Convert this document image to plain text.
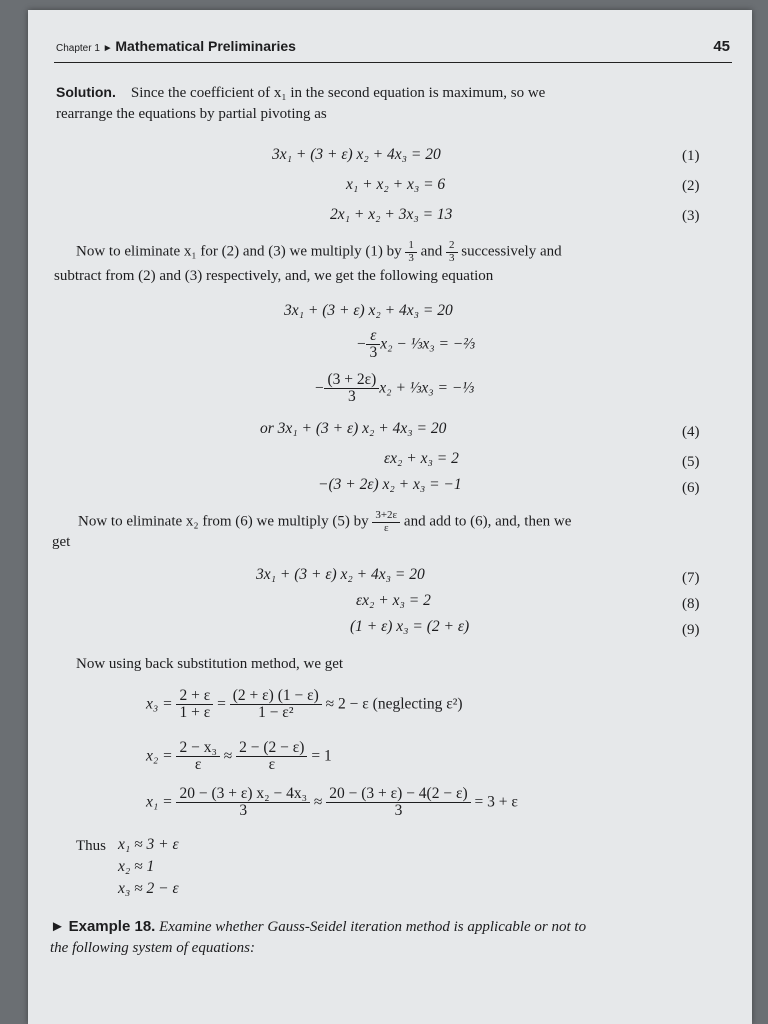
Chapter 1 ► Mathematical Preliminaries	45
Solution. Since the coefficient of x₁ in the second equation is maximum, so we
rearrange the equations by partial pivoting as
3x₁ + (3 + ε) x₂ + 4x₃ = 20	(1)
x₁ + x₂ + x₃ = 6	(2)
2x₁ + x₂ + 3x₃ = 13	(3)
Now to eliminate x₁ for (2) and (3) we multiply (1) by $\frac{1}{3}$ and $\frac{2}{3}$ successively and
subtract from (2) and (3) respectively, and, we get the following equation
3x₁ + (3 + ε) x₂ + 4x₃ = 20
− $\frac{\varepsilon}{3} x_2$ − ⅓x₃ = −⅔
− $\frac{(3 + 2\varepsilon)}{3} x_2$ + ⅓x₃ = −⅓
or 3x₁ + (3 + ε) x₂ + 4x₃ = 20	(4)
εx₂ + x₃ = 2	(5)
−(3 + 2ε) x₂ + x₃ = −1	(6)
Now to eliminate x₂ from (6) we multiply (5) by $\frac{3+2\varepsilon}{\varepsilon}$ and add to (6), and, then we
get
3x₁ + (3 + ε) x₂ + 4x₃ = 20	(7)
εx₂ + x₃ = 2	(8)
(1 + ε) x₃ = (2 + ε)	(9)
Now using back substitution method, we get
$x_3 = \frac{2 + \varepsilon}{1 + \varepsilon} = \frac{(2 + \varepsilon) (1 - \varepsilon)}{\text{1 − ε²}} \approx 2 - \varepsilon$ (neglecting ε²)
$x_2 = \frac{\text{2 − x₃}}{\varepsilon} \approx \frac{2 - (2 - \varepsilon)}{\varepsilon} = 1$
$x_1 = \frac{\text{20 − (3 + ε) x₂ − 4x₃}}{3} \approx \frac{20 - (3 + \varepsilon) - 4(2 - \varepsilon)}{3} = 3 + \varepsilon$
Thus x₁ ≈ 3 + ε
x₂ ≈ 1
x₃ ≈ 2 − ε
► Example 18. Examine whether Gauss-Seidel iteration method is applicable or not to
the following system of equations:
